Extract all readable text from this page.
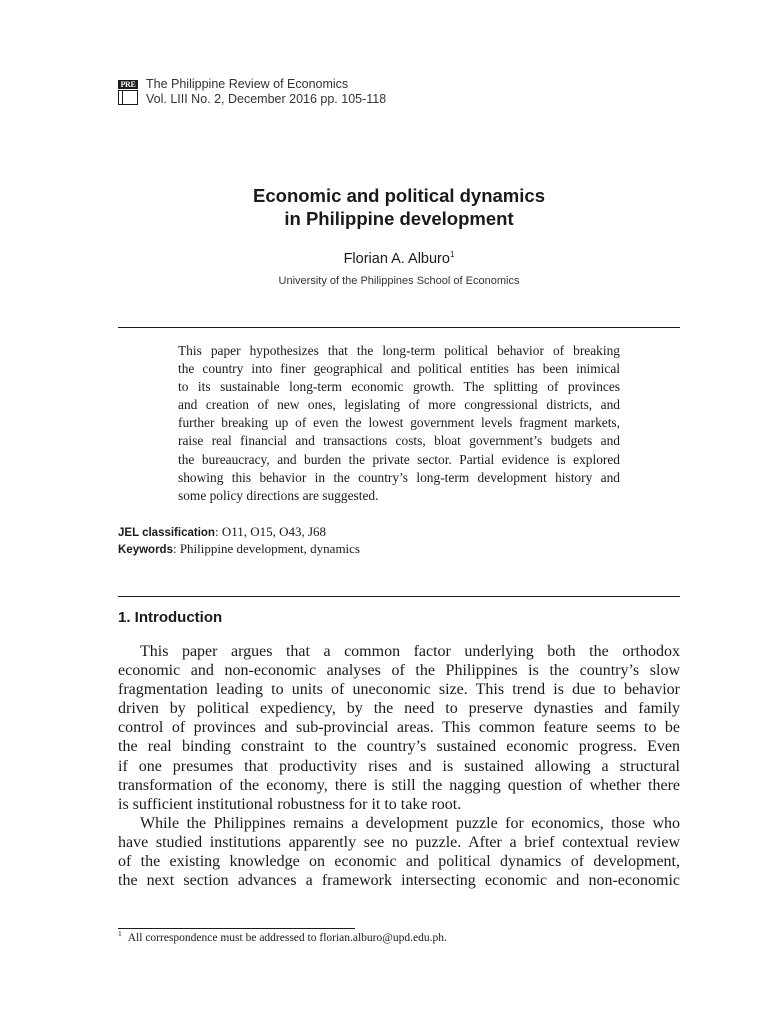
PRE The Philippine Review of Economics
Vol. LIII No. 2, December 2016 pp. 105-118
Economic and political dynamics
in Philippine development
Florian A. Alburo$^1$
University of the Philippines School of Economics
This paper hypothesizes that the long-term political behavior of breaking
the country into finer geographical and political entities has been inimical
to its sustainable long-term economic growth. The splitting of provinces
and creation of new ones, legislating of more congressional districts, and
further breaking up of even the lowest government levels fragment markets,
raise real financial and transactions costs, bloat government’s budgets and
the bureaucracy, and burden the private sector. Partial evidence is explored
showing this behavior in the country’s long-term development history and
some policy directions are suggested.
JEL classification: O11, O15, O43, J68
Keywords: Philippine development, dynamics
1. Introduction
This paper argues that a common factor underlying both the orthodox
economic and non-economic analyses of the Philippines is the country’s slow
fragmentation leading to units of uneconomic size. This trend is due to behavior
driven by political expediency, by the need to preserve dynasties and family
control of provinces and sub-provincial areas. This common feature seems to be
the real binding constraint to the country’s sustained economic progress. Even
if one presumes that productivity rises and is sustained allowing a structural
transformation of the economy, there is still the nagging question of whether there
is sufficient institutional robustness for it to take root.
While the Philippines remains a development puzzle for economics, those who
have studied institutions apparently see no puzzle. After a brief contextual review
of the existing knowledge on economic and political dynamics of development,
the next section advances a framework intersecting economic and non-economic
$^1$ All correspondence must be addressed to florian.alburo@upd.edu.ph.
